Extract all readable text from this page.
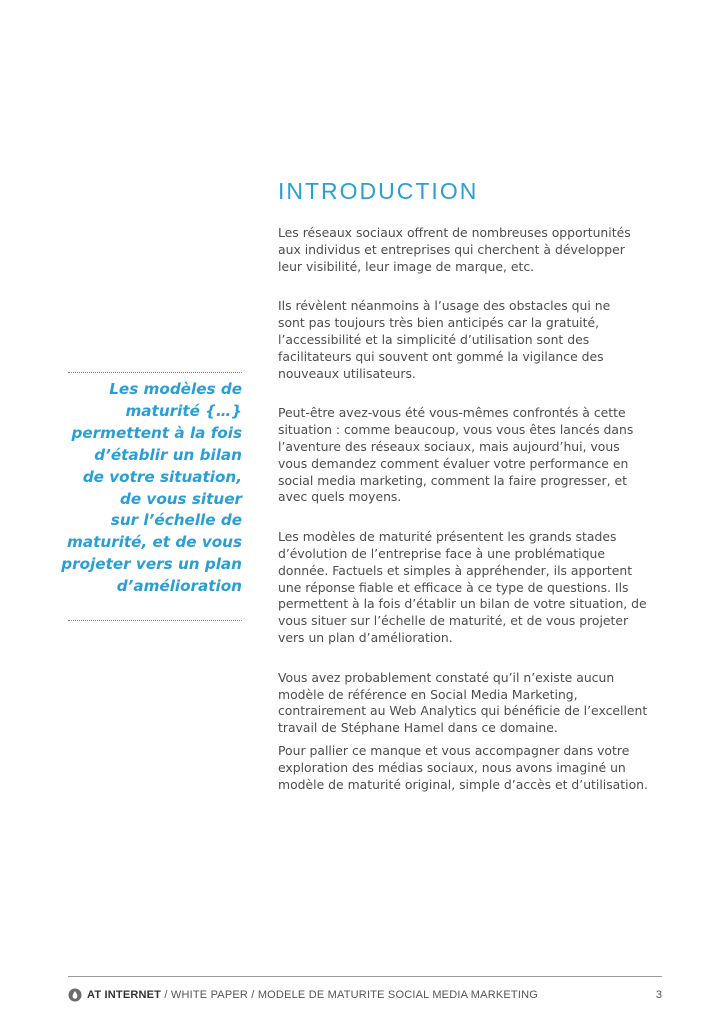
INTRODUCTION

Les réseaux sociaux offrent de nombreuses opportunités
aux individus et entreprises qui cherchent à développer
leur visibilité, leur image de marque, etc.

Ils révèlent néanmoins à l’usage des obstacles qui ne
sont pas toujours très bien anticipés car la gratuité,
l’accessibilité et la simplicité d’utilisation sont des
facilitateurs qui souvent ont gommé la vigilance des
nouveaux utilisateurs.

Peut-être avez-vous été vous-mêmes confrontés à cette
situation : comme beaucoup, vous vous êtes lancés dans
l’aventure des réseaux sociaux, mais aujourd’hui, vous
vous demandez comment évaluer votre performance en
social media marketing, comment la faire progresser, et
avec quels moyens.

Les modèles de maturité présentent les grands stades
d’évolution de l’entreprise face à une problématique
donnée. Factuels et simples à appréhender, ils apportent
une réponse fiable et efficace à ce type de questions. Ils
permettent à la fois d’établir un bilan de votre situation, de
vous situer sur l’échelle de maturité, et de vous projeter
vers un plan d’amélioration.

Vous avez probablement constaté qu’il n’existe aucun
modèle de référence en Social Media Marketing,
contrairement au Web Analytics qui bénéficie de l’excellent
travail de Stéphane Hamel dans ce domaine.

Pour pallier ce manque et vous accompagner dans votre
exploration des médias sociaux, nous avons imaginé un
modèle de maturité original, simple d’accès et d’utilisation.

Les modèles de
maturité {…}
permettent à la fois
d’établir un bilan
de votre situation,
de vous situer
sur l’échelle de
maturité, et de vous
projeter vers un plan
d’amélioration

AT INTERNET / WHITE PAPER / MODELE DE MATURITE SOCIAL MEDIA MARKETING	3
